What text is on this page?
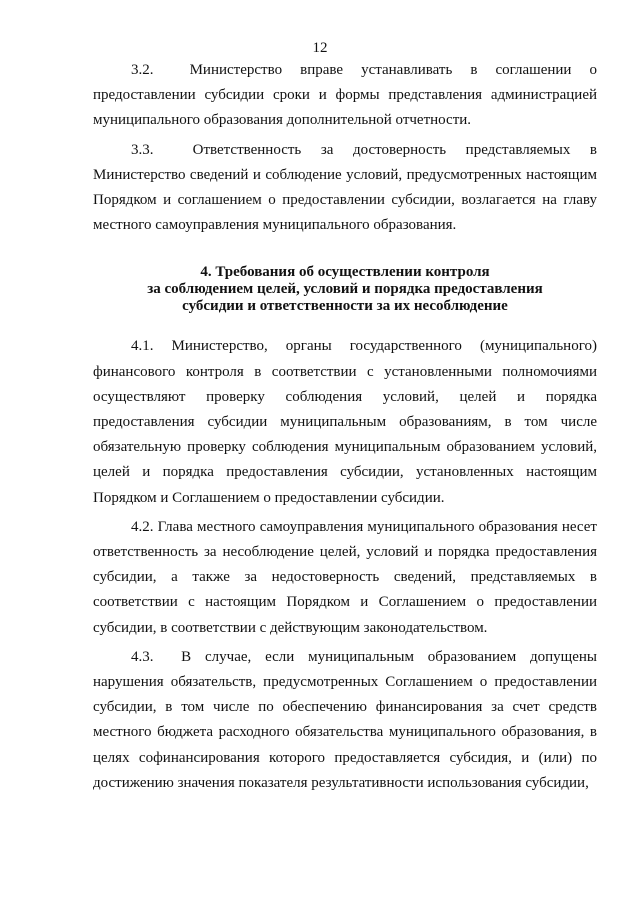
12

3.2.  Министерство вправе устанавливать в соглашении о предоставлении субсидии сроки и формы представления администрацией муниципального образования дополнительной отчетности.

3.3.  Ответственность за достоверность представляемых в Министерство сведений и соблюдение условий, предусмотренных настоящим Порядком и соглашением о предоставлении субсидии, возлагается на главу местного самоуправления муниципального образования.

4. Требования об осуществлении контроля
за соблюдением целей, условий и порядка предоставления
субсидии и ответственности за их несоблюдение

4.1. Министерство, органы государственного (муниципального) финансового контроля в соответствии с установленными полномочиями осуществляют проверку соблюдения условий, целей и порядка предоставления субсидии муниципальным образованиям, в том числе обязательную проверку соблюдения муниципальным образованием условий, целей и порядка предоставления субсидии, установленных настоящим Порядком и Соглашением о предоставлении субсидии.

4.2. Глава местного самоуправления муниципального образования несет ответственность за несоблюдение целей, условий и порядка предоставления субсидии, а также за недостоверность сведений, представляемых в соответствии с настоящим Порядком и Соглашением о предоставлении субсидии, в соответствии с действующим законодательством.

4.3.  В случае, если муниципальным образованием допущены нарушения обязательств, предусмотренных Соглашением о предоставлении субсидии, в том числе по обеспечению финансирования за счет средств местного бюджета расходного обязательства муниципального образования, в целях софинансирования которого предоставляется субсидия, и (или) по достижению значения показателя результативности использования субсидии,
